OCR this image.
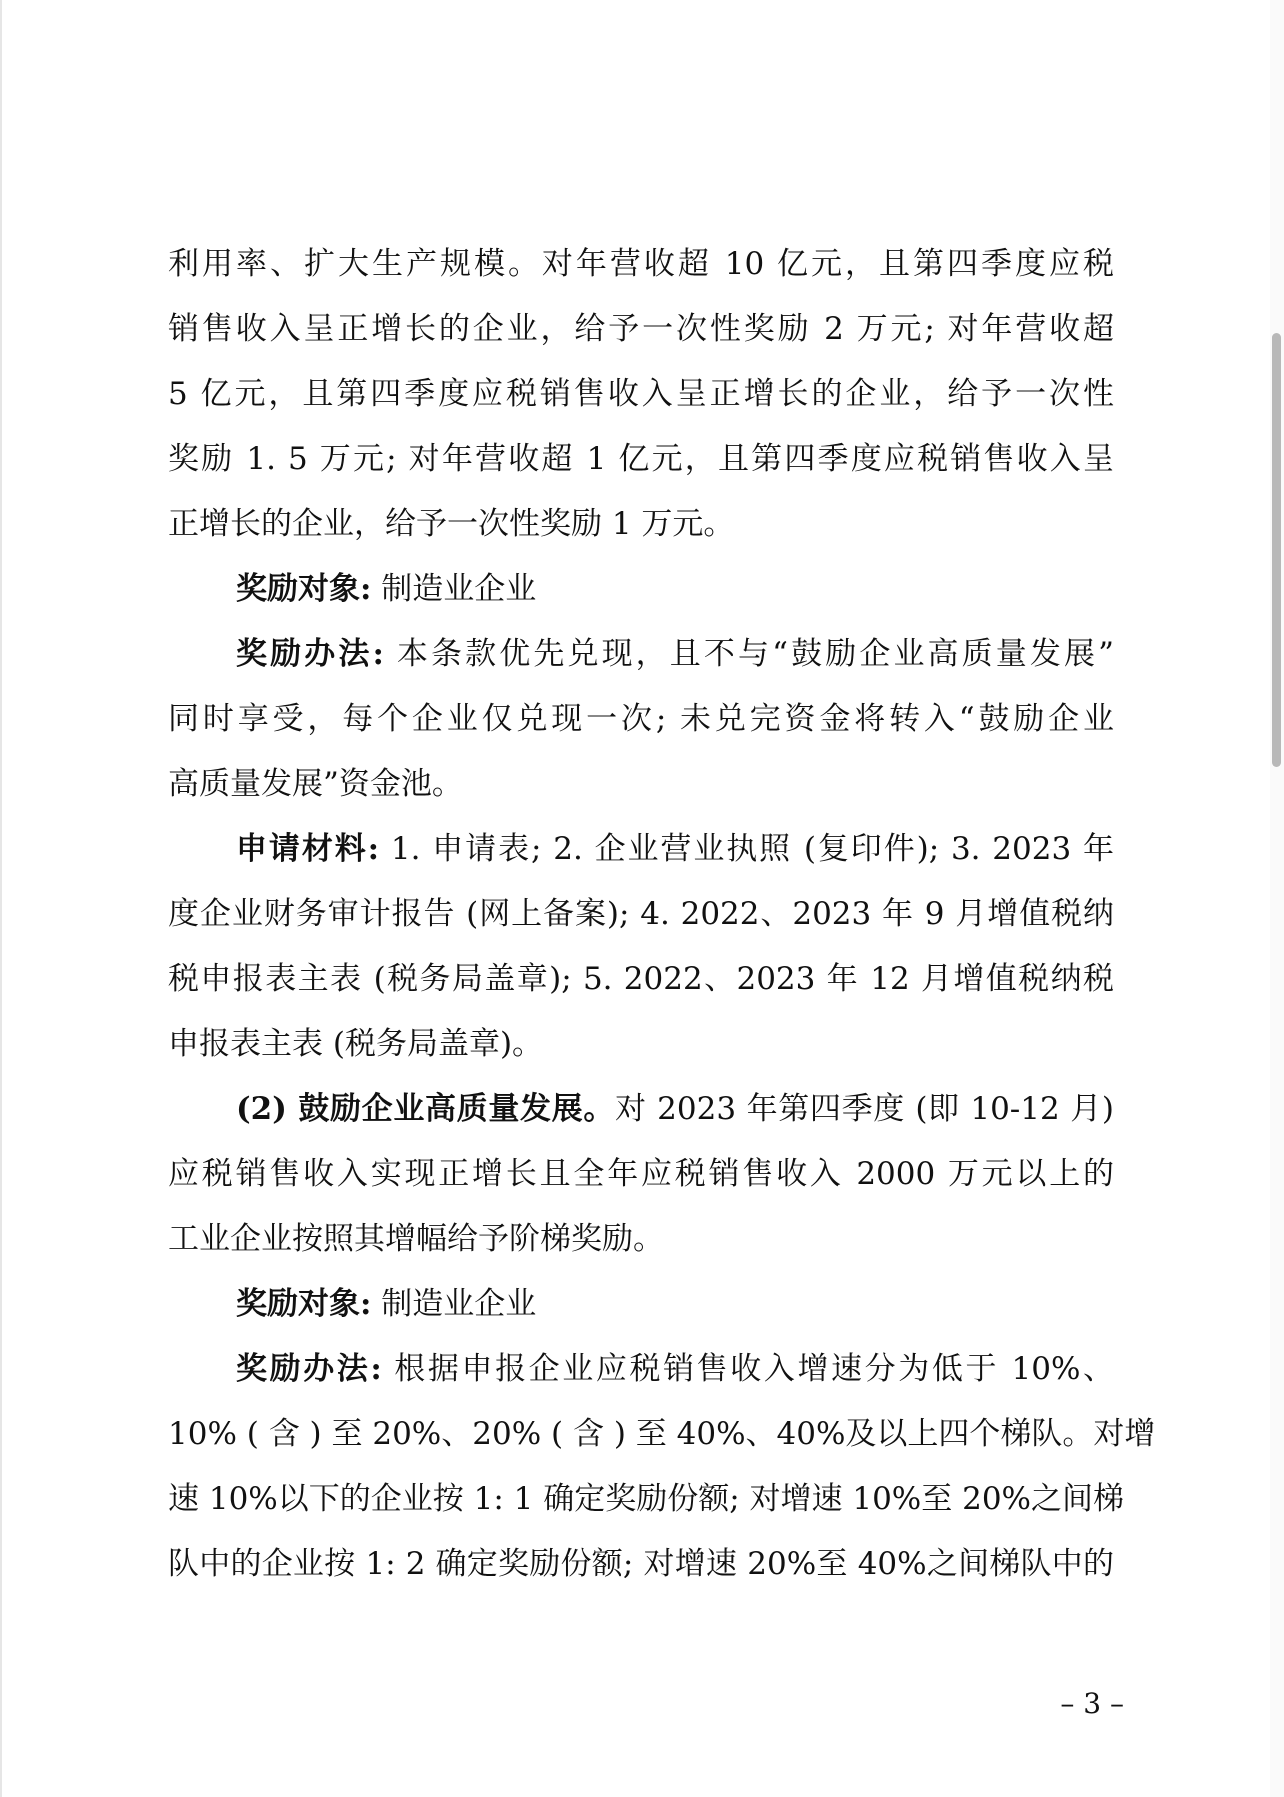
利用率、扩大生产规模。对年营收超 10 亿元，且第四季度应税
销售收入呈正增长的企业，给予一次性奖励 2 万元; 对年营收超
5 亿元，且第四季度应税销售收入呈正增长的企业，给予一次性
奖励 1. 5 万元; 对年营收超 1 亿元，且第四季度应税销售收入呈
正增长的企业，给予一次性奖励 1 万元。
奖励对象: 制造业企业
奖励办法: 本条款优先兑现，且不与“鼓励企业高质量发展”
同时享受，每个企业仅兑现一次; 未兑完资金将转入“鼓励企业
高质量发展”资金池。
申请材料: 1. 申请表; 2. 企业营业执照 (复印件); 3. 2023 年
度企业财务审计报告 (网上备案); 4. 2022、2023 年 9 月增值税纳
税申报表主表 (税务局盖章); 5. 2022、2023 年 12 月增值税纳税
申报表主表 (税务局盖章)。
(2) 鼓励企业高质量发展。对 2023 年第四季度 (即 10-12 月)
应税销售收入实现正增长且全年应税销售收入 2000 万元以上的
工业企业按照其增幅给予阶梯奖励。
奖励对象: 制造业企业
奖励办法: 根据申报企业应税销售收入增速分为低于 10%、
10% ( 含 ) 至 20%、20% ( 含 ) 至 40%、40%及以上四个梯队。对增
速 10%以下的企业按 1: 1 确定奖励份额; 对增速 10%至 20%之间梯
队中的企业按 1: 2 确定奖励份额; 对增速 20%至 40%之间梯队中的
– 3 –
